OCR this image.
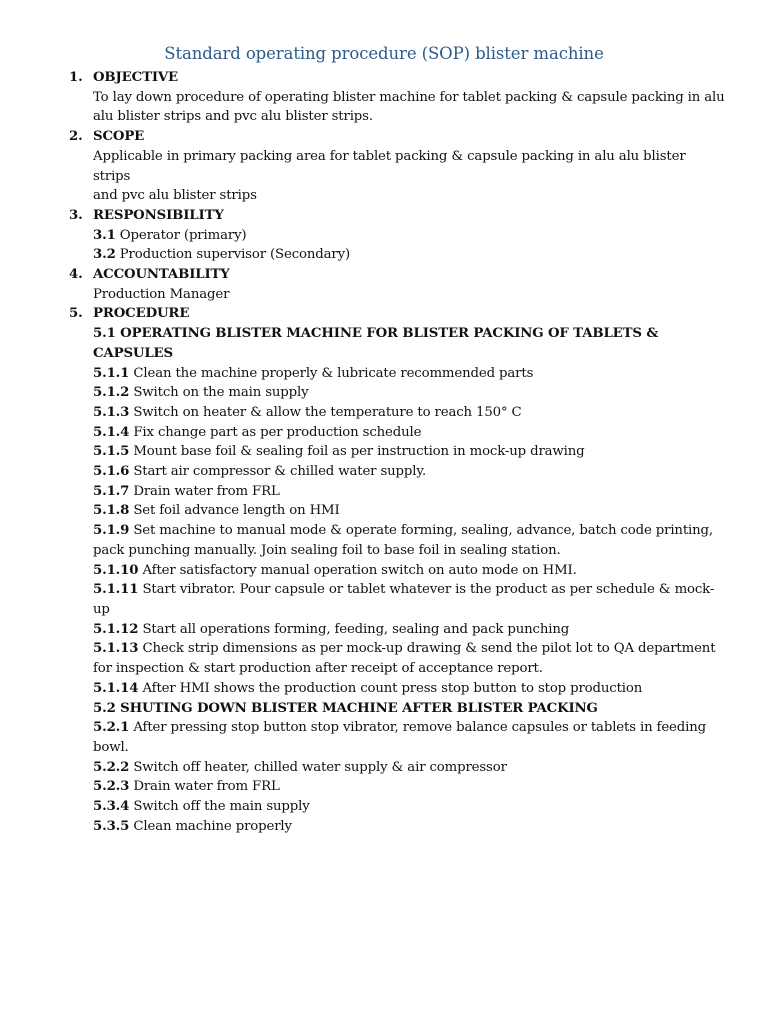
Standard operating procedure (SOP) blister machine
1. OBJECTIVE
To lay down procedure of operating blister machine for tablet packing & capsule packing in alu
alu blister strips and pvc alu blister strips.
2. SCOPE
Applicable in primary packing area for tablet packing & capsule packing in alu alu blister strips
and pvc alu blister strips
3. RESPONSIBILITY
3.1 Operator (primary)
3.2 Production supervisor (Secondary)
4. ACCOUNTABILITY
Production Manager
5. PROCEDURE
5.1 OPERATING BLISTER MACHINE FOR BLISTER PACKING OF TABLETS & CAPSULES
5.1.1 Clean the machine properly & lubricate recommended parts
5.1.2 Switch on the main supply
5.1.3 Switch on heater & allow the temperature to reach 150° C
5.1.4 Fix change part as per production schedule
5.1.5 Mount base foil & sealing foil as per instruction in mock-up drawing
5.1.6 Start air compressor & chilled water supply.
5.1.7 Drain water from FRL
5.1.8 Set foil advance length on HMI
5.1.9 Set machine to manual mode & operate forming, sealing, advance, batch code printing,
pack punching manually. Join sealing foil to base foil in sealing station.
5.1.10 After satisfactory manual operation switch on auto mode on HMI.
5.1.11 Start vibrator. Pour capsule or tablet whatever is the product as per schedule & mock-
up
5.1.12 Start all operations forming, feeding, sealing and pack punching
5.1.13 Check strip dimensions as per mock-up drawing & send the pilot lot to QA department
for inspection & start production after receipt of acceptance report.
5.1.14 After HMI shows the production count press stop button to stop production
5.2 SHUTING DOWN BLISTER MACHINE AFTER BLISTER PACKING
5.2.1 After pressing stop button stop vibrator, remove balance capsules or tablets in feeding
bowl.
5.2.2 Switch off heater, chilled water supply & air compressor
5.2.3 Drain water from FRL
5.3.4 Switch off the main supply
5.3.5 Clean machine properly
